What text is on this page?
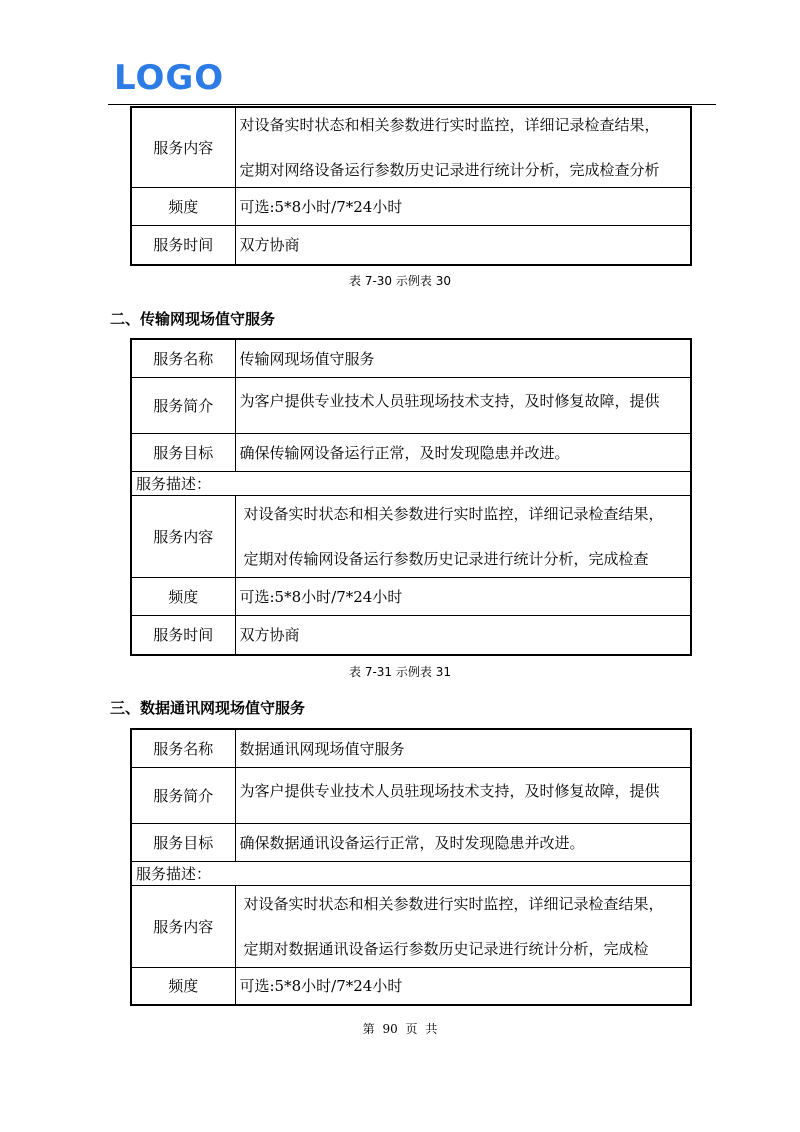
LOGO
服务内容	对设备实时状态和相关参数进行实时监控，详细记录检查结果，
定期对网络设备运行参数历史记录进行统计分析，完成检查分析

频度	可选:5*8小时/7*24小时
服务时间	双方协商
表 7-30 示例表 30
二、传输网现场值守服务
服务名称	传输网现场值守服务
服务简介	为客户提供专业技术人员驻现场技术支持，及时修复故障，提供
服务目标	确保传输网设备运行正常，及时发现隐患并改进。
服务描述：	
服务内容	对设备实时状态和相关参数进行实时监控，详细记录检查结果，
定期对传输网设备运行参数历史记录进行统计分析，完成检查

频度	可选:5*8小时/7*24小时
服务时间	双方协商
表 7-31 示例表 31
三、数据通讯网现场值守服务
服务名称	数据通讯网现场值守服务
服务简介	为客户提供专业技术人员驻现场技术支持，及时修复故障，提供
服务目标	确保数据通讯设备运行正常，及时发现隐患并改进。
服务描述：	
服务内容	对设备实时状态和相关参数进行实时监控，详细记录检查结果，
定期对数据通讯设备运行参数历史记录进行统计分析，完成检

频度	可选:5*8小时/7*24小时
第 90 页 共
